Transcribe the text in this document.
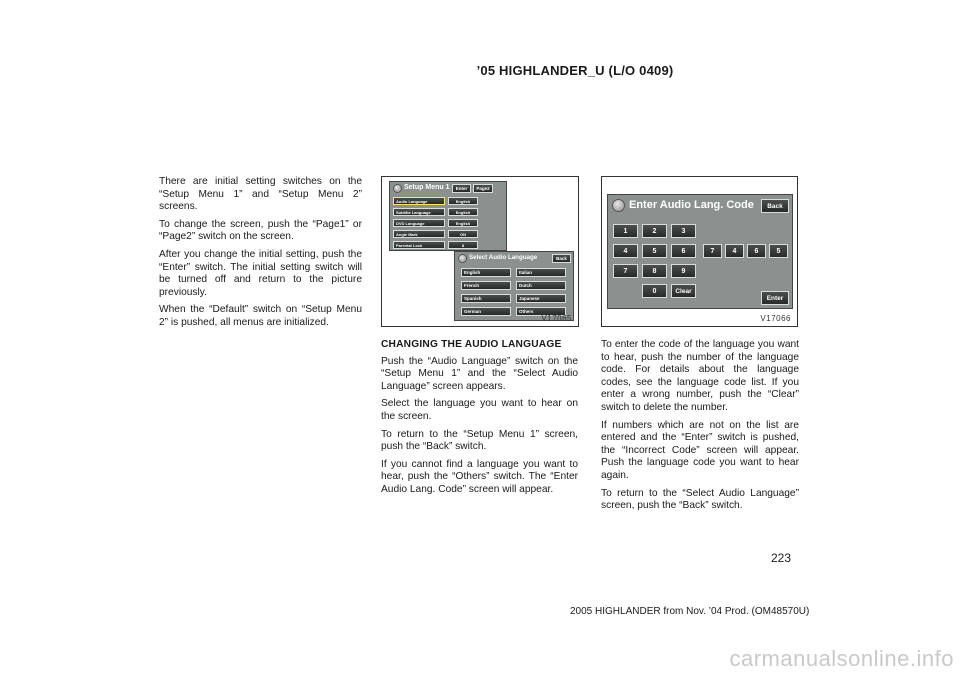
’05 HIGHLANDER_U (L/O 0409)

There are initial setting switches on the “Setup Menu 1” and “Setup Menu 2” screens.

To change the screen, push the “Page1” or “Page2” switch on the screen.

After you change the initial setting, push the “Enter” switch. The initial setting switch will be turned off and return to the picture previously.

When the “Default” switch on “Setup Menu 2” is pushed, all menus are initialized.

Setup Menu 1	Enter	Page2
Audio Language	English
Subtitle Language	English
DVD Language	English
Angle Mark	ON
Parental Lock	8
Select Audio Language	Back
English	Italian
French	Dutch
Spanish	Japanese
German	Others
V17065
Enter Audio Lang. Code	Back
1	2	3
4	5	6
7	8	9
0	Clear
7	4	6	5
Enter
V17066

CHANGING THE AUDIO LANGUAGE

Push the “Audio Language” switch on the “Setup Menu 1” and the “Select Audio Language” screen appears.

Select the language you want to hear on the screen.

To return to the “Setup Menu 1” screen, push the “Back” switch.

If you cannot find a language you want to hear, push the “Others” switch. The “Enter Audio Lang. Code” screen will appear.

To enter the code of the language you want to hear, push the number of the language code. For details about the language codes, see the language code list. If you enter a wrong number, push the “Clear” switch to delete the number.

If numbers which are not on the list are entered and the “Enter” switch is pushed, the “Incorrect Code” screen will appear. Push the language code you want to hear again.

To return to the “Select Audio Language” screen, push the “Back” switch.

223
2005 HIGHLANDER from Nov. ’04 Prod. (OM48570U)
carmanualsonline.info
